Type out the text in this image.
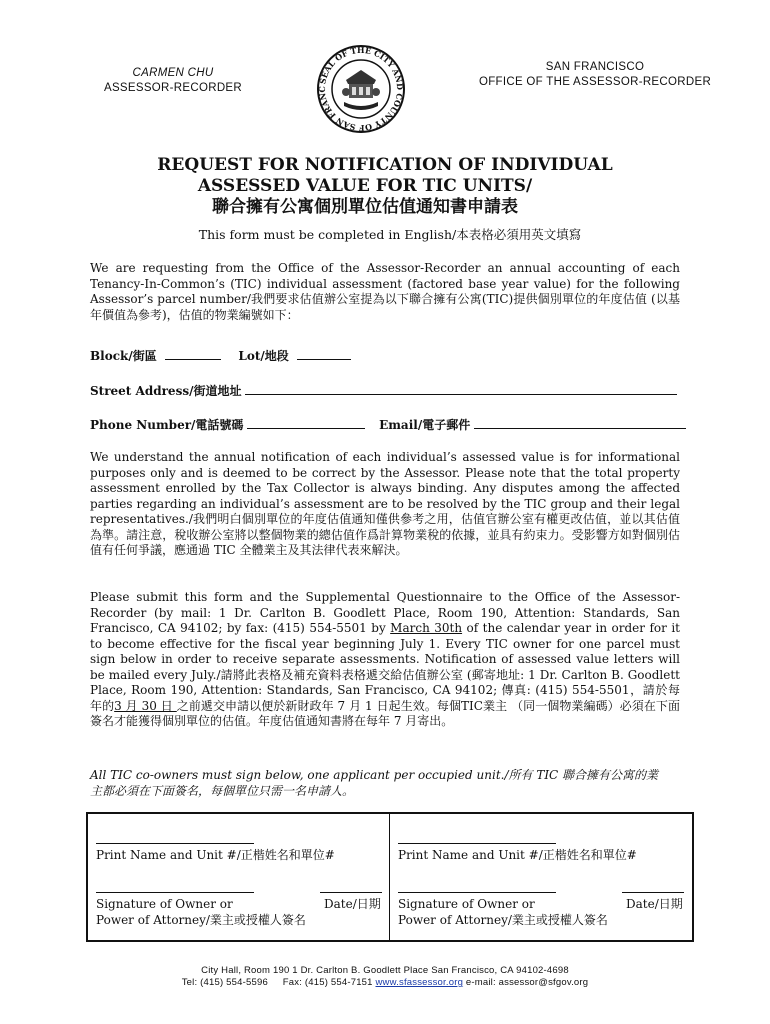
CARMEN CHU
ASSESSOR-RECORDER
SEAL OF THE CITY AND COUNTY OF SAN FRANC
SAN FRANCISCO
OFFICE OF THE ASSESSOR-RECORDER
REQUEST FOR NOTIFICATION OF INDIVIDUAL
ASSESSED VALUE FOR TIC UNITS/
聯合擁有公寓個別單位估值通知書申請表
This form must be completed in English/本表格必須用英文填寫
We are requesting from the Office of the Assessor-Recorder an annual accounting of each Tenancy-In-Common’s (TIC) individual assessment (factored base year value) for the following Assessor’s parcel number/我們要求估值辦公室提為以下聯合擁有公寓(TIC)提供個別單位的年度估值 (以基年價值為參考)，估值的物業編號如下：
Block/街區	Lot/地段
Street Address/街道地址
Phone Number/電話號碼	Email/電子郵件
We understand the annual notification of each individual’s assessed value is for informational purposes only and is deemed to be correct by the Assessor. Please note that the total property assessment enrolled by the Tax Collector is always binding. Any disputes among the affected parties regarding an individual’s assessment are to be resolved by the TIC group and their legal representatives./我們明白個別單位的年度估值通知僅供參考之用，估值官辦公室有權更改估值，並以其估值為準。請注意，稅收辦公室將以整個物業的總估值作爲計算物業稅的依據，並具有約束力。受影響方如對個別估值有任何爭議，應通過 TIC 全體業主及其法律代表來解決。
Please submit this form and the Supplemental Questionnaire to the Office of the Assessor-Recorder (by mail: 1 Dr. Carlton B. Goodlett Place, Room 190, Attention: Standards, San Francisco, CA 94102; by fax: (415) 554-5501 by March 30th of the calendar year in order for it to become effective for the fiscal year beginning July 1. Every TIC owner for one parcel must sign below in order to receive separate assessments. Notification of assessed value letters will be mailed every July./請將此表格及補充資料表格遞交給估值辦公室 (郵寄地址: 1 Dr. Carlton B. Goodlett Place, Room 190, Attention: Standards, San Francisco, CA 94102; 傳真: (415) 554-5501，請於每年的3 月 30 日 之前遞交申請以便於新財政年 7 月 1 日起生效。每個TIC業主 （同一個物業編碼）必須在下面簽名才能獲得個別單位的估值。年度估值通知書將在每年 7 月寄出。
All TIC co-owners must sign below, one applicant per occupied unit./所有 TIC 聯合擁有公寓的業主都必須在下面簽名，每個單位只需一名申請人。
Print Name and Unit #/正楷姓名和單位#
Signature of Owner or
Power of Attorney/業主或授權人簽名
Date/日期
Print Name and Unit #/正楷姓名和單位#
Signature of Owner or
Power of Attorney/業主或授權人簽名
Date/日期
City Hall, Room 190 1 Dr. Carlton B. Goodlett Place San Francisco, CA 94102-4698
Tel: (415) 554-5596 Fax: (415) 554-7151 www.sfassessor.org e-mail: assessor@sfgov.org
